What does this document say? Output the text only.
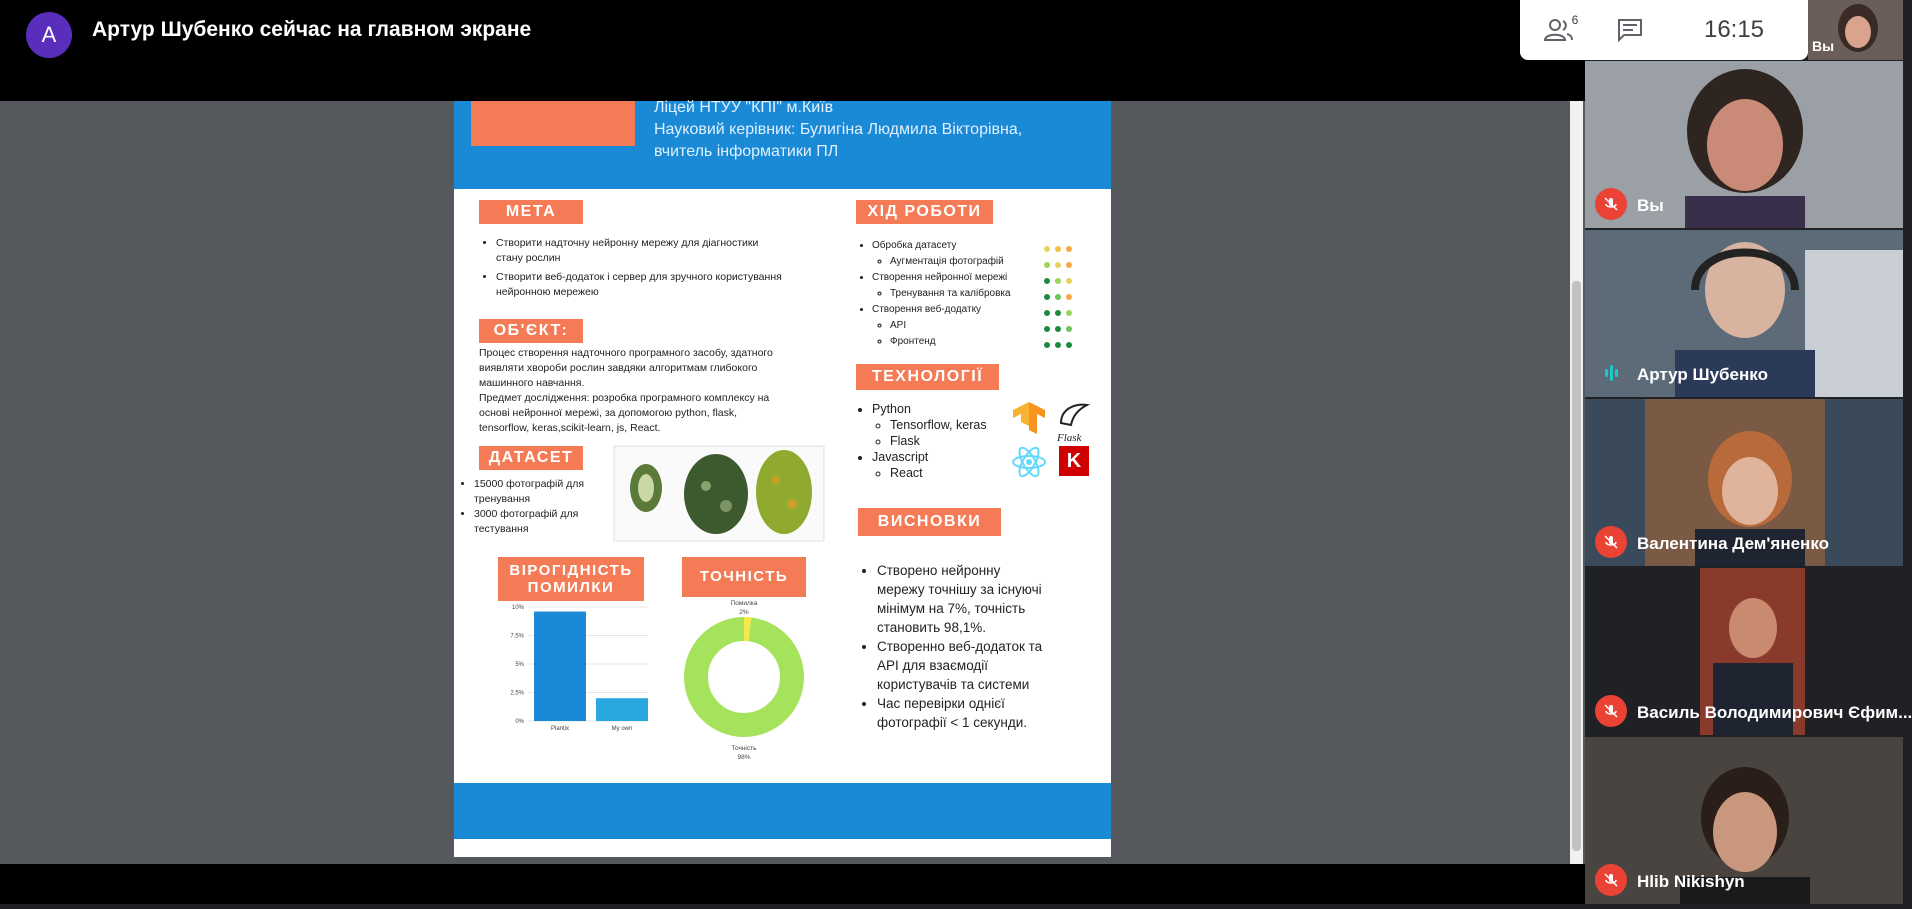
A	Артур Шубенко сейчас на главном экране	6	16:15
Вы
Ліцей НТУУ "КПІ" м.Київ
Науковий керівник: Булигіна Людмила Вікторівна,
вчитель інформатики ПЛ
МЕТА
• Створити надточну нейронну мережу для діагностики стану рослин
• Створити веб-додаток і сервер для зручного користування нейронною мережею
ОБ'ЄКТ:
Процес створення надточного програмного засобу, здатного виявляти хвороби рослин завдяки алгоритмам глибокого машинного навчання.
Предмет дослідження: розробка програмного комплексу на основі нейронної мережі, за допомогою python, flask, tensorflow, keras,scikit-learn, js, React.
ДАТАСЕТ
• 15000 фотографій для тренування
• 3000 фотографій для тестування
ВІРОГІДНІСТЬ ПОМИЛКИ
0%
2.5%
5%
7.5%
10%
Plantix	My own
ТОЧНІСТЬ
Помилка
2%
Точність
98%
ХІД РОБОТИ
• Обробка датасету
◦ Аугментація фотографій
• Створення нейронної мережі
◦ Тренування та калібровка
• Створення веб-додатку
◦ API
◦ Фронтенд
ТЕХНОЛОГІЇ
• Python
◦ Tensorflow, keras
◦ Flask
• Javascript
◦ React
Flask
K
ВИСНОВКИ
• Створено нейронну мережу точнішу за існуючі мінімум на 7%, точність становить 98,1%.
• Створенно веб-додаток та API для взаємодії користувачів та системи
• Час перевірки однієї фотографії < 1 секунди.
Вы
Артур Шубенко
Валентина Дем'яненко
Василь Володимирович Єфим...
Hlib Nikishyn
